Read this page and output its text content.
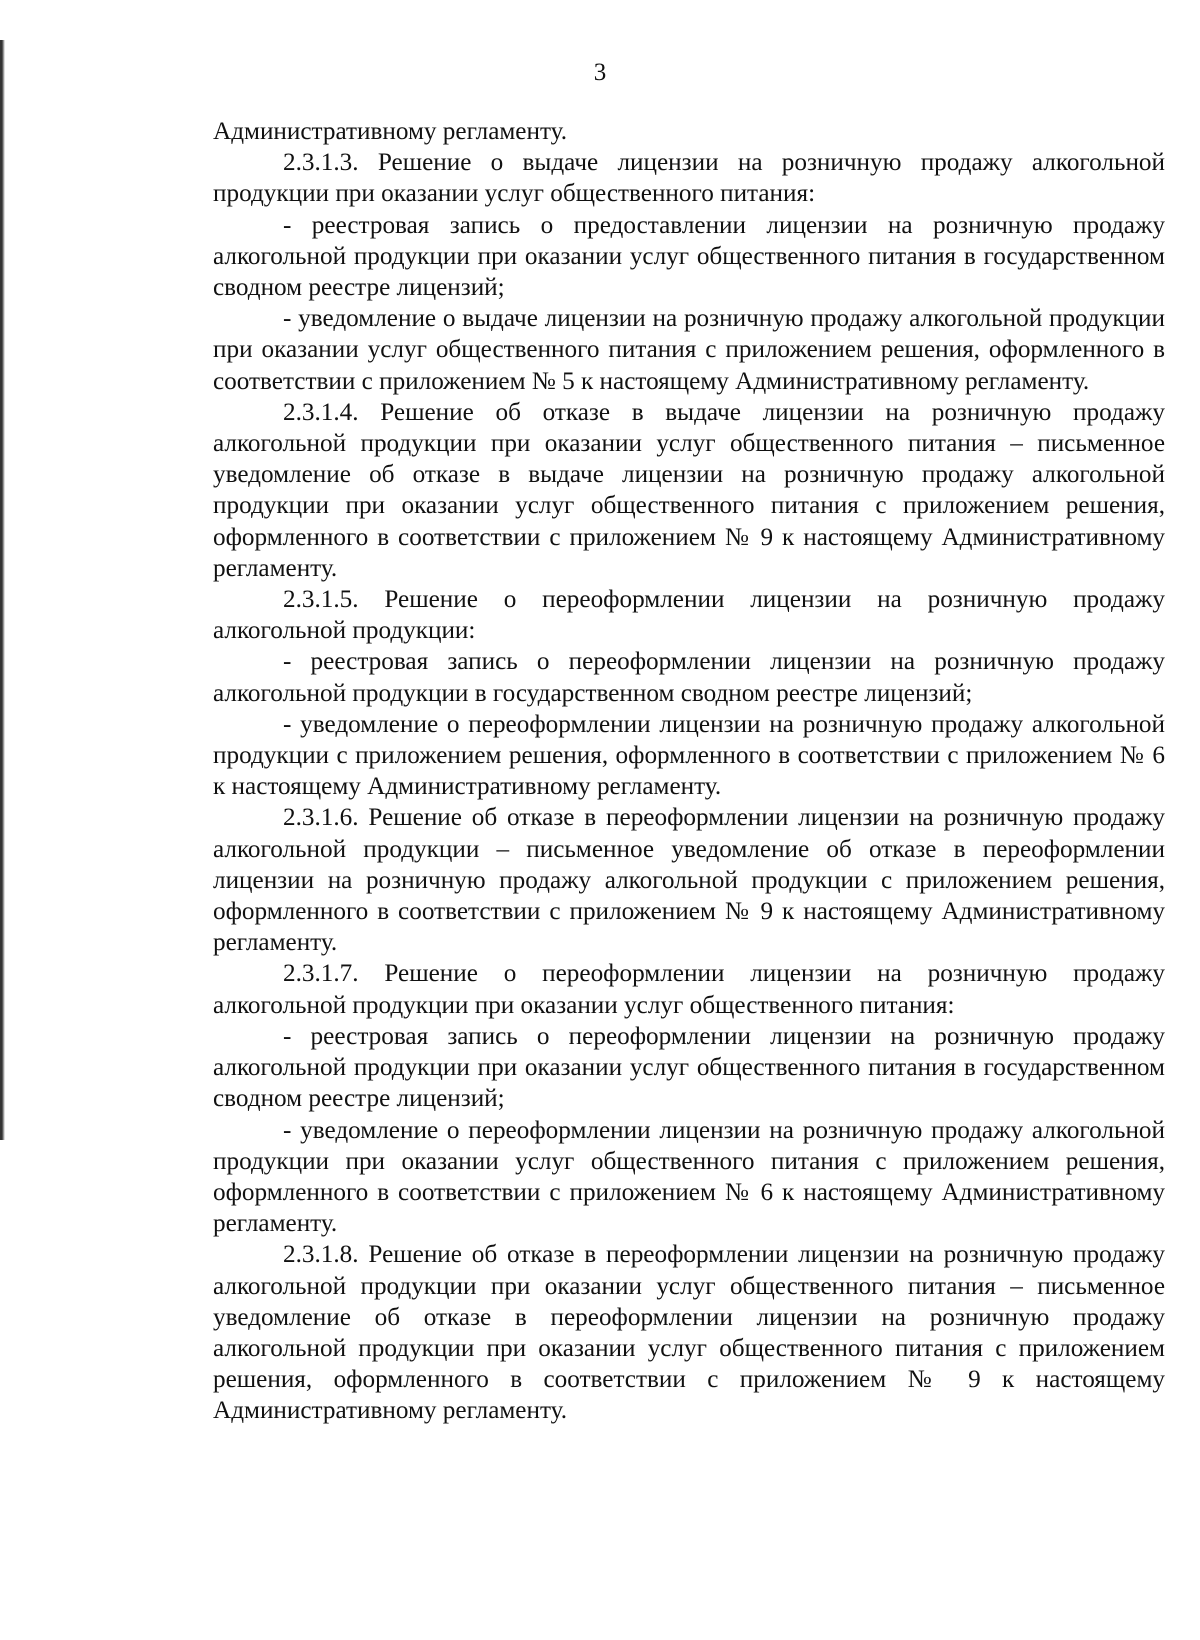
3

Административному регламенту.

2.3.1.3. Решение о выдаче лицензии на розничную продажу алкогольной продукции при оказании услуг общественного питания:

- реестровая запись о предоставлении лицензии на розничную продажу алкогольной продукции при оказании услуг общественного питания в государственном сводном реестре лицензий;

- уведомление о выдаче лицензии на розничную продажу алкогольной продукции при оказании услуг общественного питания с приложением решения, оформленного в соответствии с приложением № 5 к настоящему Административному регламенту.

2.3.1.4. Решение об отказе в выдаче лицензии на розничную продажу алкогольной продукции при оказании услуг общественного питания – письменное уведомление об отказе в выдаче лицензии на розничную продажу алкогольной продукции при оказании услуг общественного питания с приложением решения, оформленного в соответствии с приложением № 9 к настоящему Административному регламенту.

2.3.1.5. Решение о переоформлении лицензии на розничную продажу алкогольной продукции:

- реестровая запись о переоформлении лицензии на розничную продажу алкогольной продукции в государственном сводном реестре лицензий;

- уведомление о переоформлении лицензии на розничную продажу алкогольной продукции с приложением решения, оформленного в соответствии с приложением № 6 к настоящему Административному регламенту.

2.3.1.6. Решение об отказе в переоформлении лицензии на розничную продажу алкогольной продукции – письменное уведомление об отказе в переоформлении лицензии на розничную продажу алкогольной продукции с приложением решения, оформленного в соответствии с приложением № 9 к настоящему Административному регламенту.

2.3.1.7. Решение о переоформлении лицензии на розничную продажу алкогольной продукции при оказании услуг общественного питания:

- реестровая запись о переоформлении лицензии на розничную продажу алкогольной продукции при оказании услуг общественного питания в государственном сводном реестре лицензий;

- уведомление о переоформлении лицензии на розничную продажу алкогольной продукции при оказании услуг общественного питания с приложением решения, оформленного в соответствии с приложением № 6 к настоящему Административному регламенту.

2.3.1.8. Решение об отказе в переоформлении лицензии на розничную продажу алкогольной продукции при оказании услуг общественного питания – письменное уведомление об отказе в переоформлении лицензии на розничную продажу алкогольной продукции при оказании услуг общественного питания с приложением решения, оформленного в соответствии с приложением № 9 к настоящему Административному регламенту.
